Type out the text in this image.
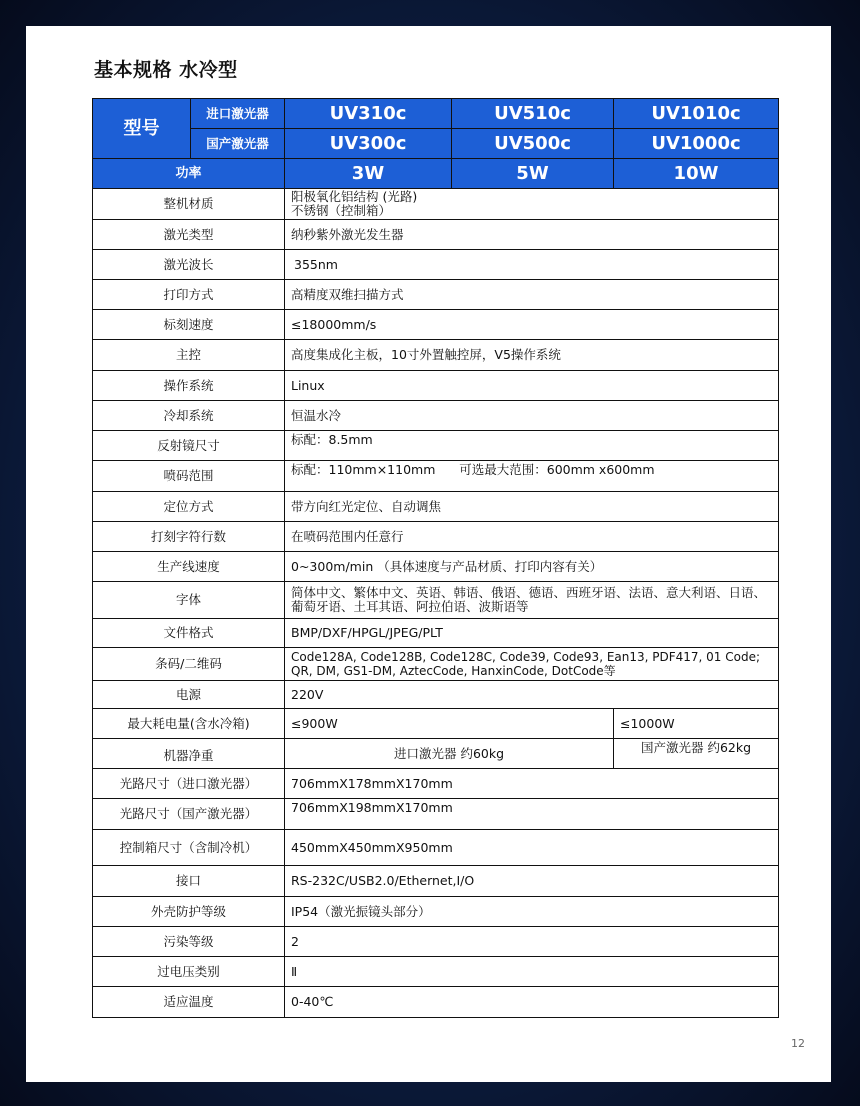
基本规格 水冷型
型号	进口激光器	UV310c	UV510c	UV1010c
	国产激光器	UV300c	UV500c	UV1000c
功率		3W	5W	10W
整机材质		阳极氧化铝结构 (光路)
不锈钢（控制箱）		

激光类型		纳秒紫外激光发生器		
激光波长		355nm		
打印方式		高精度双维扫描方式		
标刻速度		≤18000mm/s		
主控		高度集成化主板，10寸外置触控屏，V5操作系统		
操作系统		Linux		
冷却系统		恒温水冷		
反射镜尺寸		标配：8.5mm		
喷码范围		标配：110mm×110mm      可选最大范围：600mm x600mm		
定位方式		带方向红光定位、自动调焦		
打刻字符行数		在喷码范围内任意行		
生产线速度		0~300m/min （具体速度与产品材质、打印内容有关）		
字体		简体中文、繁体中文、英语、韩语、俄语、德语、西班牙语、法语、意大利语、日语、葡萄牙语、土耳其语、阿拉伯语、波斯语等		
文件格式		BMP/DXF/HPGL/JPEG/PLT		
条码/二维码		Code128A, Code128B, Code128C, Code39, Code93, Ean13, PDF417, 01 Code; QR, DM, GS1-DM, AztecCode, HanxinCode, DotCode等		
电源		220V		
最大耗电量(含水冷箱)		≤900W		≤1000W
机器净重		进口激光器 约60kg		国产激光器 约62kg
光路尺寸（进口激光器）		706mmX178mmX170mm		
光路尺寸（国产激光器）		706mmX198mmX170mm		
控制箱尺寸（含制冷机）		450mmX450mmX950mm		
接口		RS-232C/USB2.0/Ethernet,I/O		
外壳防护等级		IP54（激光振镜头部分）		
污染等级		2		
过电压类别		Ⅱ		
适应温度		0-40℃		
12
